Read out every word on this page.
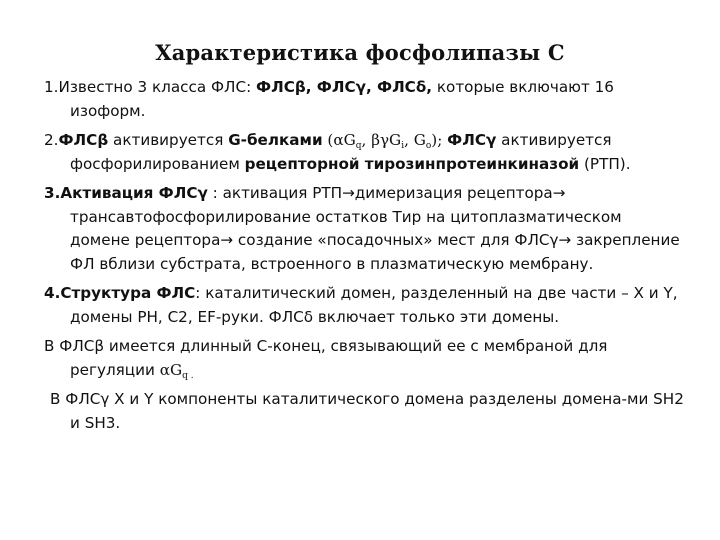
Характеристика фосфолипазы С

1.Известно 3 класса ФЛС: ФЛСβ, ФЛСγ, ФЛСδ, которые включают 16 изоформ.

2.ФЛСβ активируется G-белками ($\alpha G_q$, βγG$_i$, $G_o$); ФЛСγ активируется фосфорилированием рецепторной тирозинпротеинкиназой (РТП).

3.Активация ФЛСγ : активация РТП→димеризация рецептора→ трансавтофосфорилирование остатков Тир на цитоплазматическом домене рецептора→ создание «посадочных» мест для ФЛСγ→ закрепление ФЛ вблизи субстрата, встроенного в плазматическую мембрану.

4.Структура ФЛС: каталитический домен, разделенный на две части – X и Y, домены PH, C2, EF-руки. ФЛСδ включает только эти домены.

В ФЛСβ имеется длинный С-конец, связывающий ее с мембраной для регуляции $\alpha G_q$ $_.$

В ФЛСγ X и Y компоненты каталитического домена разделены домена-ми SH2 и SH3.
